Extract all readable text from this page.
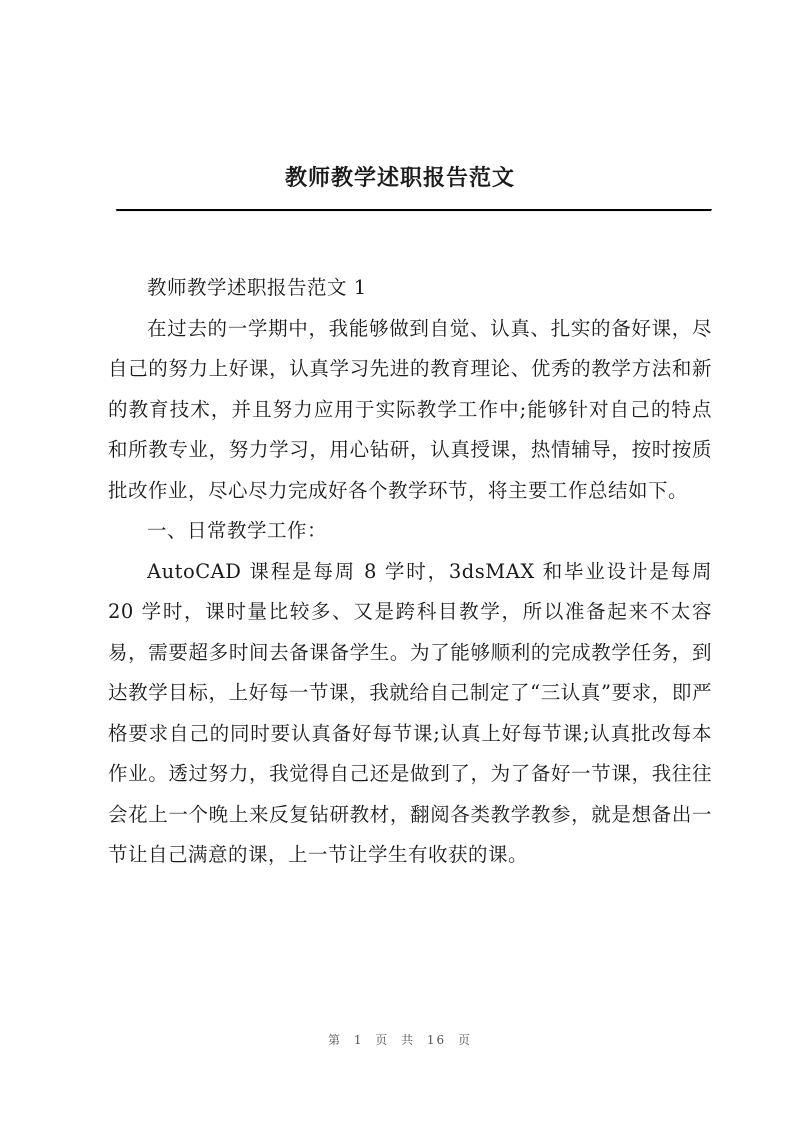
教师教学述职报告范文

教师教学述职报告范文 1

在过去的一学期中，我能够做到自觉、认真、扎实的备好课，尽自己的努力上好课，认真学习先进的教育理论、优秀的教学方法和新的教育技术，并且努力应用于实际教学工作中;能够针对自己的特点和所教专业，努力学习，用心钻研，认真授课，热情辅导，按时按质批改作业，尽心尽力完成好各个教学环节，将主要工作总结如下。

一、日常教学工作：

AutoCAD 课程是每周 8 学时，3dsMAX 和毕业设计是每周 20 学时，课时量比较多、又是跨科目教学，所以准备起来不太容易，需要超多时间去备课备学生。为了能够顺利的完成教学任务，到达教学目标，上好每一节课，我就给自己制定了“三认真”要求，即严格要求自己的同时要认真备好每节课;认真上好每节课;认真批改每本作业。透过努力，我觉得自己还是做到了，为了备好一节课，我往往会花上一个晚上来反复钻研教材，翻阅各类教学教参，就是想备出一节让自己满意的课，上一节让学生有收获的课。

第 1 页 共 16 页
